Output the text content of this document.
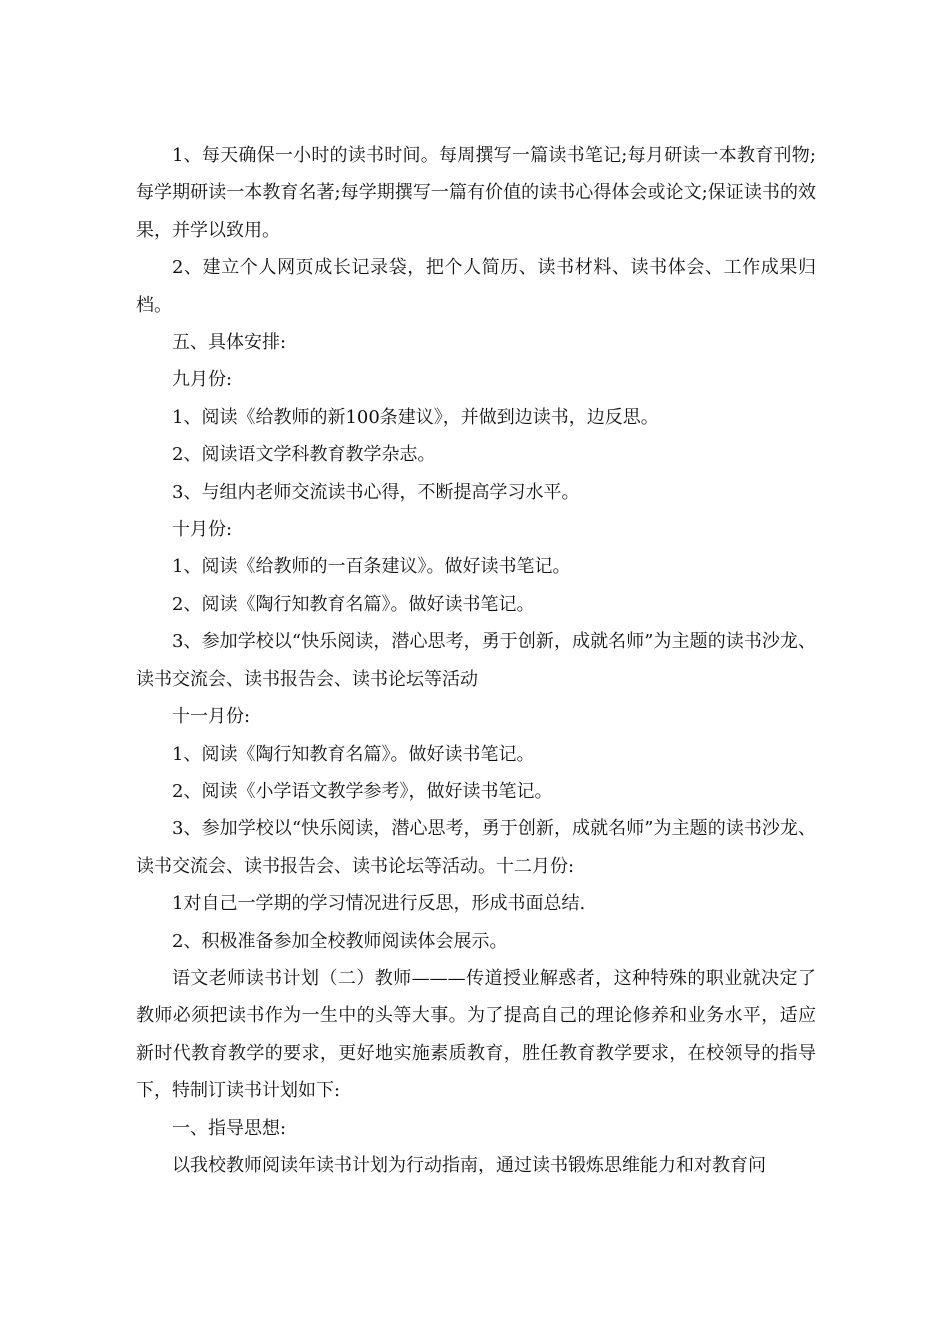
1、每天确保一小时的读书时间。每周撰写一篇读书笔记;每月研读一本教育刊物;每学期研读一本教育名著;每学期撰写一篇有价值的读书心得体会或论文;保证读书的效果，并学以致用。

2、建立个人网页成长记录袋，把个人简历、读书材料、读书体会、工作成果归档。

五、具体安排:

九月份:

1、阅读《给教师的新100条建议》，并做到边读书，边反思。

2、阅读语文学科教育教学杂志。

3、与组内老师交流读书心得，不断提高学习水平。

十月份:

1、阅读《给教师的一百条建议》。做好读书笔记。

2、阅读《陶行知教育名篇》。做好读书笔记。

3、参加学校以“快乐阅读，潜心思考，勇于创新，成就名师”为主题的读书沙龙、读书交流会、读书报告会、读书论坛等活动

十一月份:

1、阅读《陶行知教育名篇》。做好读书笔记。

2、阅读《小学语文教学参考》，做好读书笔记。

3、参加学校以“快乐阅读，潜心思考，勇于创新，成就名师”为主题的读书沙龙、读书交流会、读书报告会、读书论坛等活动。十二月份:

1对自己一学期的学习情况进行反思，形成书面总结.

2、积极准备参加全校教师阅读体会展示。

语文老师读书计划（二）教师———传道授业解惑者，这种特殊的职业就决定了教师必须把读书作为一生中的头等大事。为了提高自己的理论修养和业务水平，适应新时代教育教学的要求，更好地实施素质教育，胜任教育教学要求，在校领导的指导下，特制订读书计划如下:

一、指导思想:

以我校教师阅读年读书计划为行动指南，通过读书锻炼思维能力和对教育问
